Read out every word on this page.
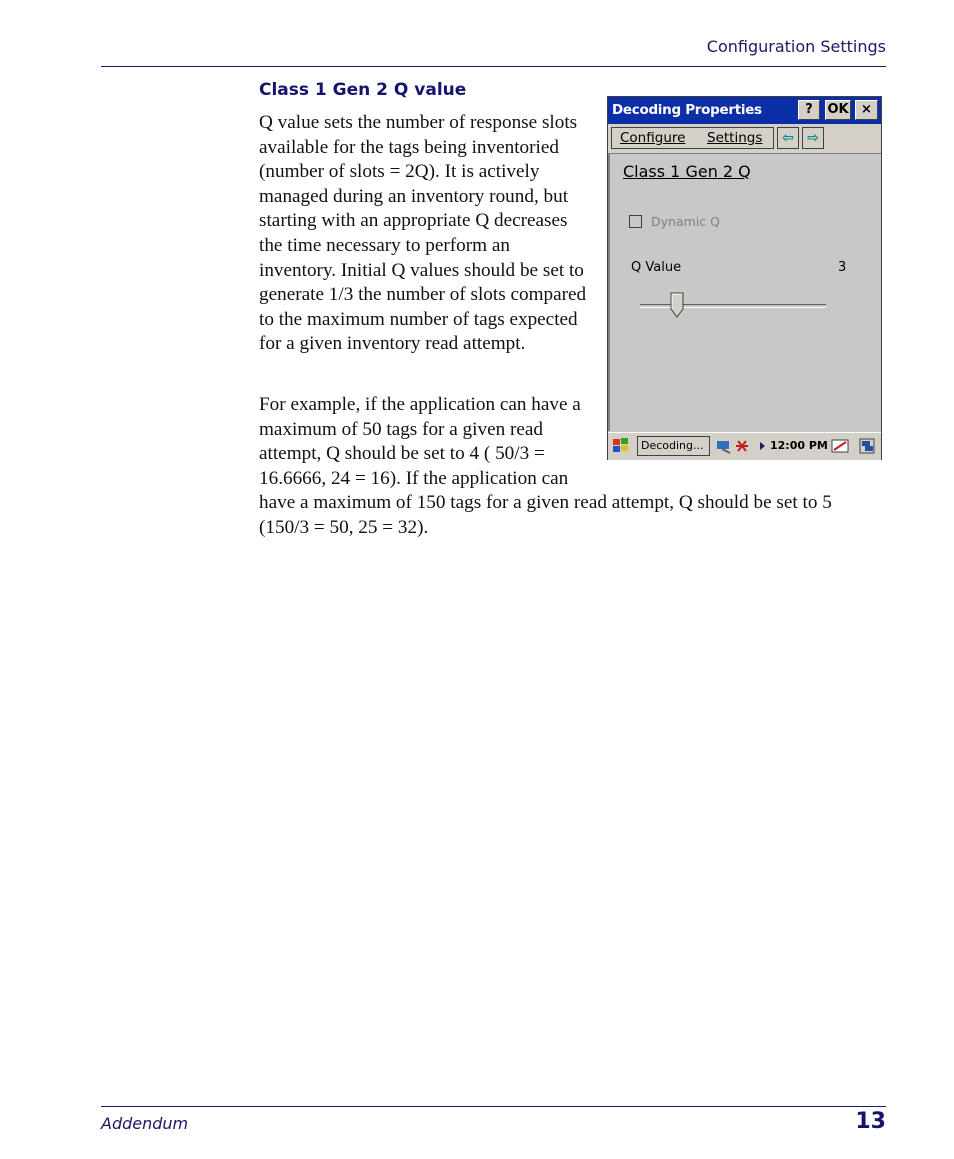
Configuration Settings
Class 1 Gen 2 Q value

Q value sets the number of response slots available for the tags being inventoried (number of slots = 2Q). It is actively managed during an inventory round, but starting with an appropriate Q decreases the time necessary to perform an inventory. Initial Q values should be set to generate 1/3 the number of slots compared to the maximum number of tags expected for a given inventory read attempt.

For example, if the application can have a maximum of 50 tags for a given read attempt, Q should be set to 4 ( 50/3 = 16.6666, 24 = 16). If the application can

have a maximum of 150 tags for a given read attempt, Q should be set to 5 (150/3 = 50, 25 = 32).

Decoding Properties	?	OK ×
Configure Settings	⇦ ⇨
Class 1 Gen 2 Q
Dynamic Q
Q Value	3
Decoding...	12:00 PM
Addendum	13
